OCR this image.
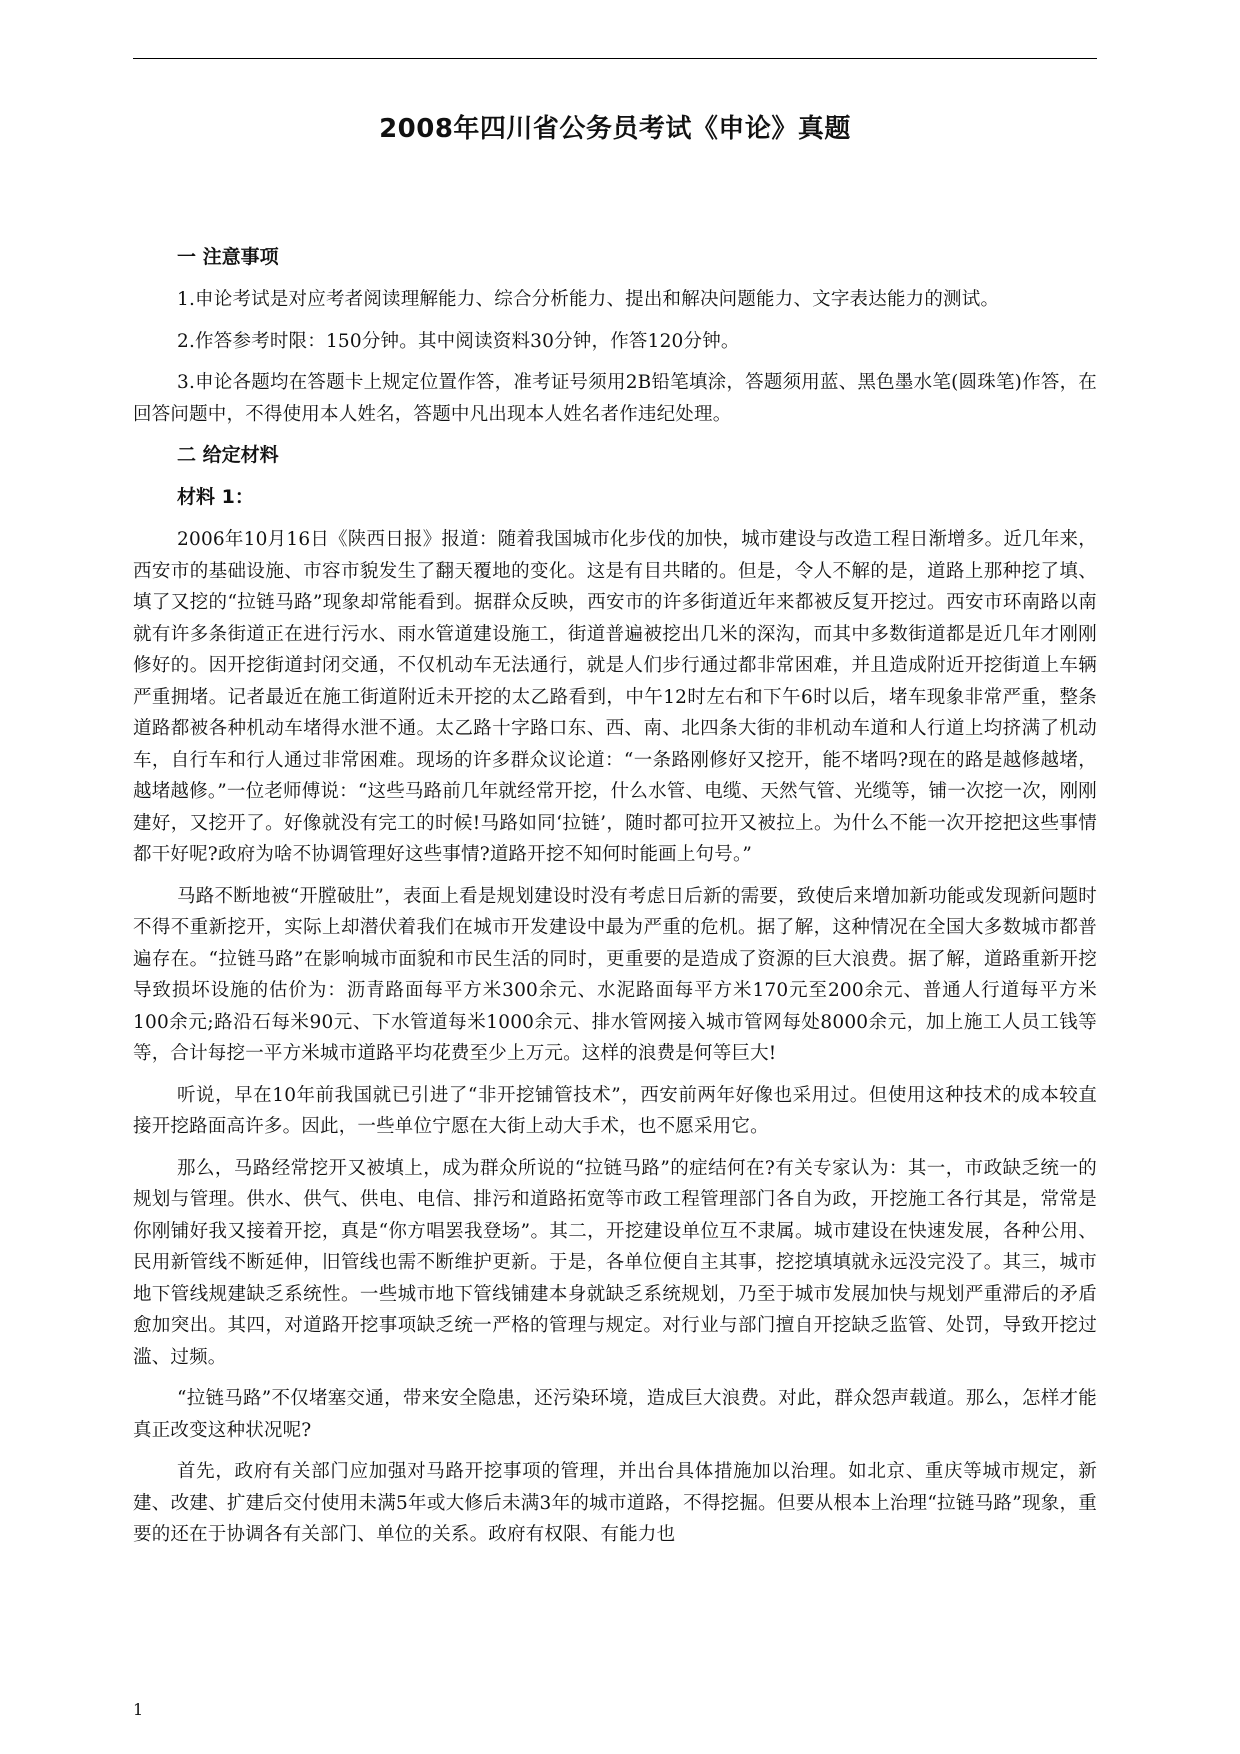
2008年四川省公务员考试《申论》真题
一 注意事项

1.申论考试是对应考者阅读理解能力、综合分析能力、提出和解决问题能力、文字表达能力的测试。

2.作答参考时限：150分钟。其中阅读资料30分钟，作答120分钟。

3.申论各题均在答题卡上规定位置作答，准考证号须用2B铅笔填涂，答题须用蓝、黑色墨水笔(圆珠笔)作答，在回答问题中，不得使用本人姓名，答题中凡出现本人姓名者作违纪处理。

二 给定材料
材料 1：

2006年10月16日《陕西日报》报道：随着我国城市化步伐的加快，城市建设与改造工程日渐增多。近几年来，西安市的基础设施、市容市貌发生了翻天覆地的变化。这是有目共睹的。但是，令人不解的是，道路上那种挖了填、填了又挖的“拉链马路”现象却常能看到。据群众反映，西安市的许多街道近年来都被反复开挖过。西安市环南路以南就有许多条街道正在进行污水、雨水管道建设施工，街道普遍被挖出几米的深沟，而其中多数街道都是近几年才刚刚修好的。因开挖街道封闭交通，不仅机动车无法通行，就是人们步行通过都非常困难，并且造成附近开挖街道上车辆严重拥堵。记者最近在施工街道附近未开挖的太乙路看到，中午12时左右和下午6时以后，堵车现象非常严重，整条道路都被各种机动车堵得水泄不通。太乙路十字路口东、西、南、北四条大街的非机动车道和人行道上均挤满了机动车，自行车和行人通过非常困难。现场的许多群众议论道：“一条路刚修好又挖开，能不堵吗?现在的路是越修越堵，越堵越修。”一位老师傅说：“这些马路前几年就经常开挖，什么水管、电缆、天然气管、光缆等，铺一次挖一次，刚刚建好，又挖开了。好像就没有完工的时候!马路如同‘拉链’，随时都可拉开又被拉上。为什么不能一次开挖把这些事情都干好呢?政府为啥不协调管理好这些事情?道路开挖不知何时能画上句号。”

马路不断地被“开膛破肚”，表面上看是规划建设时没有考虑日后新的需要，致使后来增加新功能或发现新问题时不得不重新挖开，实际上却潜伏着我们在城市开发建设中最为严重的危机。据了解，这种情况在全国大多数城市都普遍存在。“拉链马路”在影响城市面貌和市民生活的同时，更重要的是造成了资源的巨大浪费。据了解，道路重新开挖导致损坏设施的估价为：沥青路面每平方米300余元、水泥路面每平方米170元至200余元、普通人行道每平方米100余元;路沿石每米90元、下水管道每米1000余元、排水管网接入城市管网每处8000余元，加上施工人员工钱等等，合计每挖一平方米城市道路平均花费至少上万元。这样的浪费是何等巨大!

听说，早在10年前我国就已引进了“非开挖铺管技术”，西安前两年好像也采用过。但使用这种技术的成本较直接开挖路面高许多。因此，一些单位宁愿在大街上动大手术，也不愿采用它。

那么，马路经常挖开又被填上，成为群众所说的“拉链马路”的症结何在?有关专家认为：其一，市政缺乏统一的规划与管理。供水、供气、供电、电信、排污和道路拓宽等市政工程管理部门各自为政，开挖施工各行其是，常常是你刚铺好我又接着开挖，真是“你方唱罢我登场”。其二，开挖建设单位互不隶属。城市建设在快速发展，各种公用、民用新管线不断延伸，旧管线也需不断维护更新。于是，各单位便自主其事，挖挖填填就永远没完没了。其三，城市地下管线规建缺乏系统性。一些城市地下管线铺建本身就缺乏系统规划，乃至于城市发展加快与规划严重滞后的矛盾愈加突出。其四，对道路开挖事项缺乏统一严格的管理与规定。对行业与部门擅自开挖缺乏监管、处罚，导致开挖过滥、过频。

“拉链马路”不仅堵塞交通，带来安全隐患，还污染环境，造成巨大浪费。对此，群众怨声载道。那么，怎样才能真正改变这种状况呢?

首先，政府有关部门应加强对马路开挖事项的管理，并出台具体措施加以治理。如北京、重庆等城市规定，新建、改建、扩建后交付使用未满5年或大修后未满3年的城市道路，不得挖掘。但要从根本上治理“拉链马路”现象，重要的还在于协调各有关部门、单位的关系。政府有权限、有能力也

1
